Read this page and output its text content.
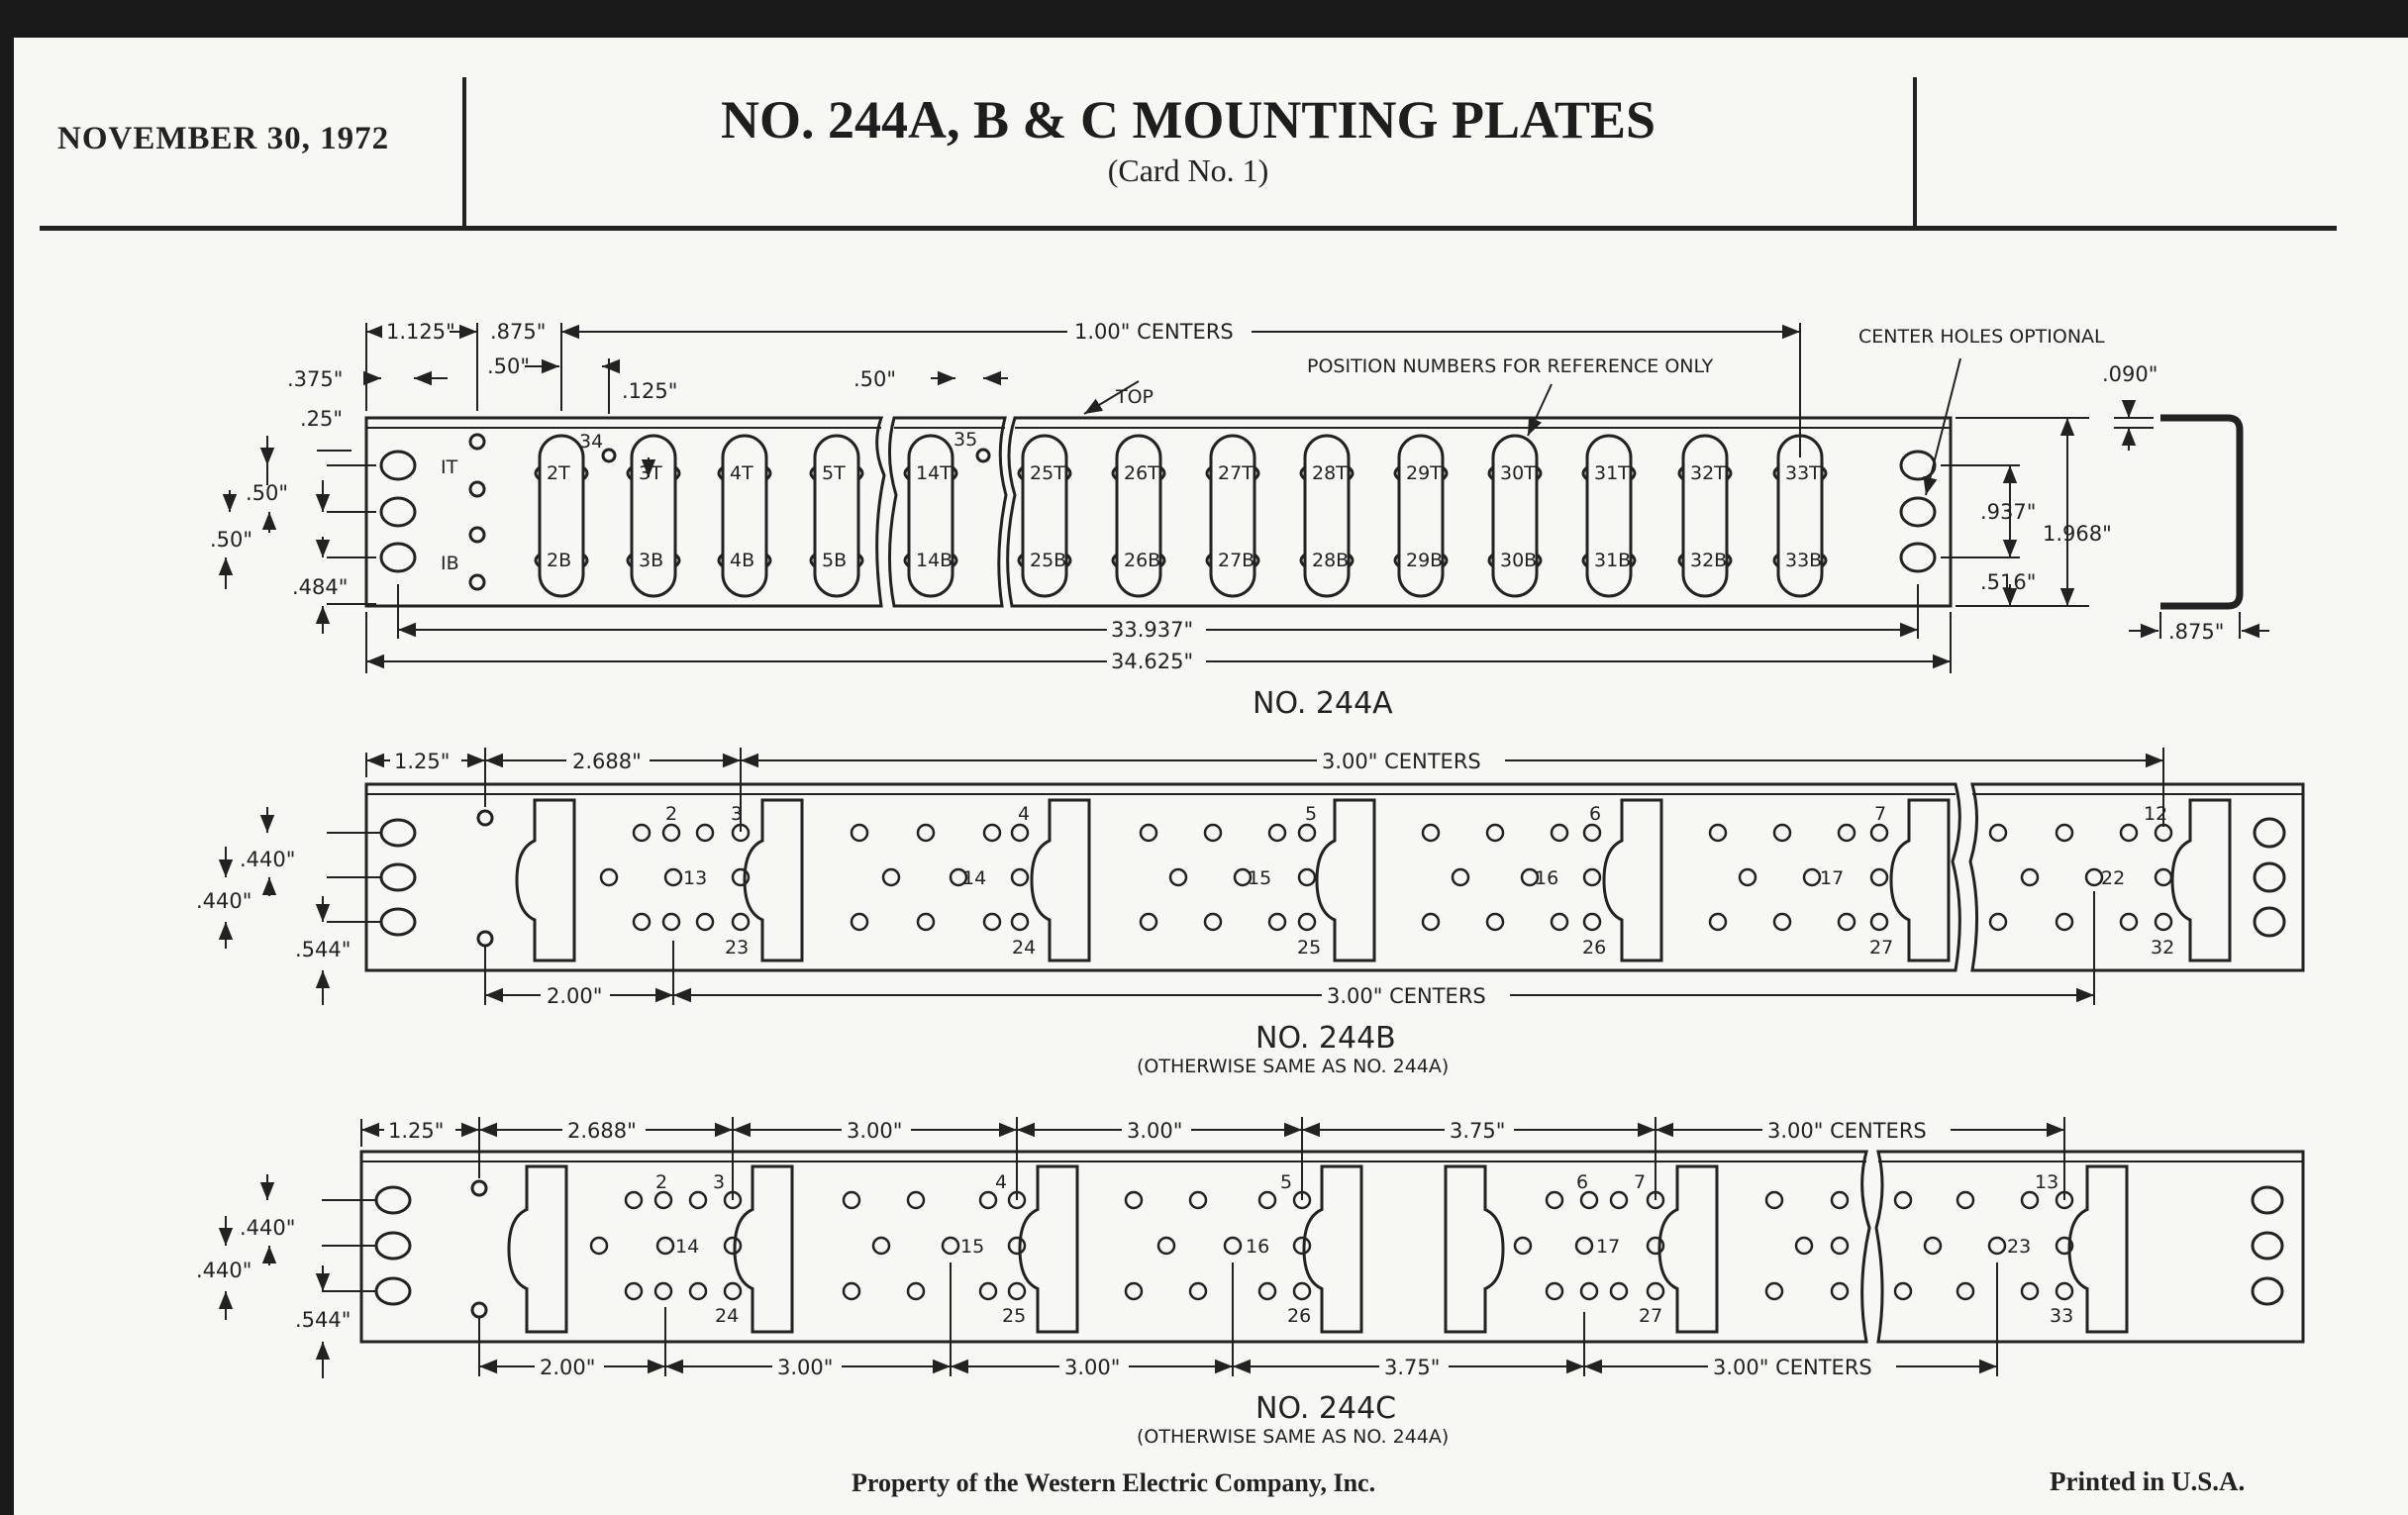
NOVEMBER 30, 1972	NO. 244A, B & C MOUNTING PLATES
(Card No. 1)
2T
2B
3T
3B
4T
4B
5T
5B
14T
14B
25T
25B
26T
26B
27T
27B
28T
28B
29T
29B
30T
30B
31T
31B
32T
32B
33T
33B
IT
IB
34	35
1.125" .875"
.50"
.375"	.125"	.50"
1.00" CENTERS
.25"
.50"
.50"
.484"
.937"
.516"
1.968"
.090"
.875"
33.937"
34.625"
TOP
POSITION NUMBERS FOR REFERENCE ONLY
CENTER HOLES OPTIONAL
NO. 244A
2	3	4	5	6	7	12
13	14	15	16	17	22
23	24	25	26	27	32
1.25"	2.688"	3.00" CENTERS
.440"
.440"
.544"
2.00"	3.00" CENTERS
NO. 244B
(OTHERWISE SAME AS NO. 244A)
2 3	4	5	6 7	13
14	15	16	17	23
24	25	26	27	33
1.25"	2.688"	3.00"	3.00"	3.75"	3.00" CENTERS
.440"
.440"
.544"
2.00"	3.00"	3.00"	3.75"	3.00" CENTERS
NO. 244C
(OTHERWISE SAME AS NO. 244A)
Property of the Western Electric Company, Inc.	Printed in U.S.A.
